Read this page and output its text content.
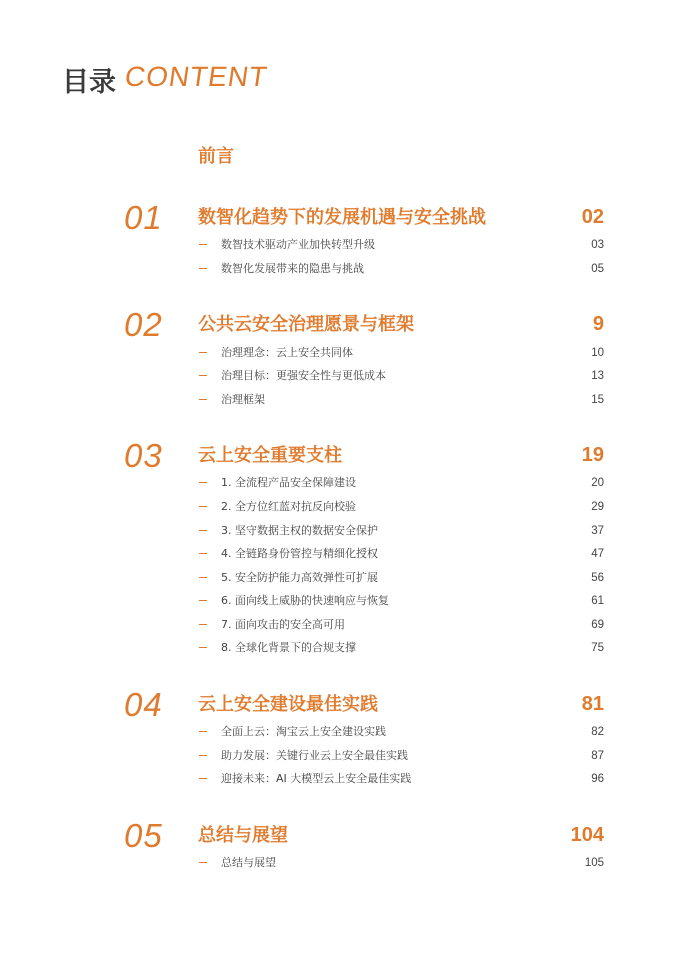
目录 CONTENT
前言
01 数智化趋势下的发展机遇与安全挑战	02
数智技术驱动产业加快转型升级	03
数智化发展带来的隐患与挑战	05
02 公共云安全治理愿景与框架	9
治理理念：云上安全共同体	10
治理目标：更强安全性与更低成本	13
治理框架	15
03 云上安全重要支柱	19
1. 全流程产品安全保障建设	20
2. 全方位红蓝对抗反向校验	29
3. 坚守数据主权的数据安全保护	37
4. 全链路身份管控与精细化授权	47
5. 安全防护能力高效弹性可扩展	56
6. 面向线上威胁的快速响应与恢复	61
7. 面向攻击的安全高可用	69
8. 全球化背景下的合规支撑	75
04 云上安全建设最佳实践	81
全面上云：淘宝云上安全建设实践	82
助力发展：关键行业云上安全最佳实践	87
迎接未来：AI 大模型云上安全最佳实践	96
05 总结与展望	104
总结与展望	105
